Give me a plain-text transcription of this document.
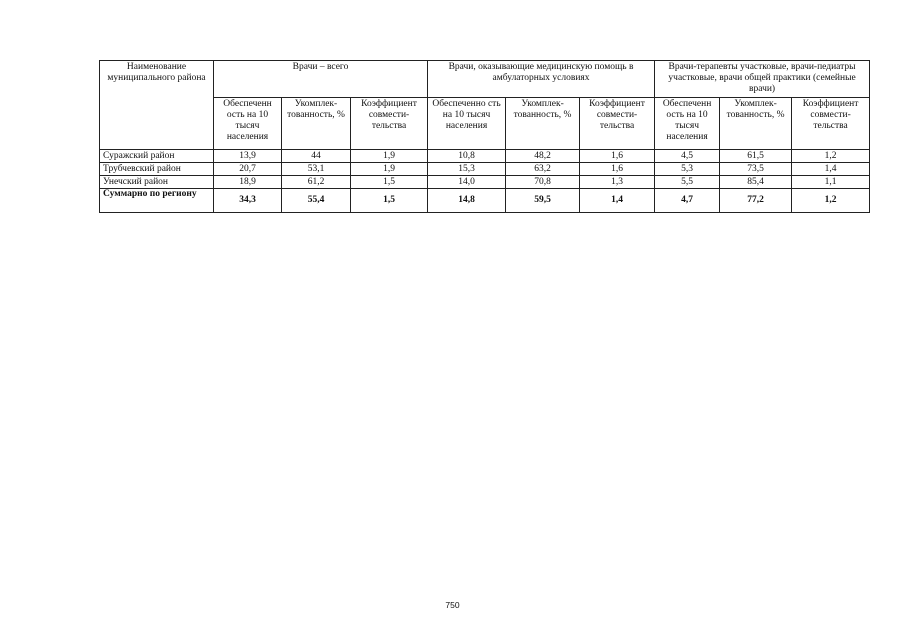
Наименование муниципального района	Врачи – всего			Врачи, оказывающие медицинскую помощь в амбулаторных условиях			Врачи-терапевты участковые, врачи-педиатры участковые, врачи общей практики (семейные врачи)		
	Обеспеченн ость на 10 тысяч населения	Укомплек-тованность, %	Коэффициент совмести-тельства	Обеспеченно сть на 10 тысяч населения	Укомплек-тованность, %	Коэффициент совмести-тельства	Обеспеченн ость на 10 тысяч населения	Укомплек-тованность, %	Коэффициент совмести-тельства
Суражский район	13,9	44	1,9	10,8	48,2	1,6	4,5	61,5	1,2
Трубчевский район	20,7	53,1	1,9	15,3	63,2	1,6	5,3	73,5	1,4
Унечский район	18,9	61,2	1,5	14,0	70,8	1,3	5,5	85,4	1,1
Суммарно по региону	34,3	55,4	1,5	14,8	59,5	1,4	4,7	77,2	1,2
750
